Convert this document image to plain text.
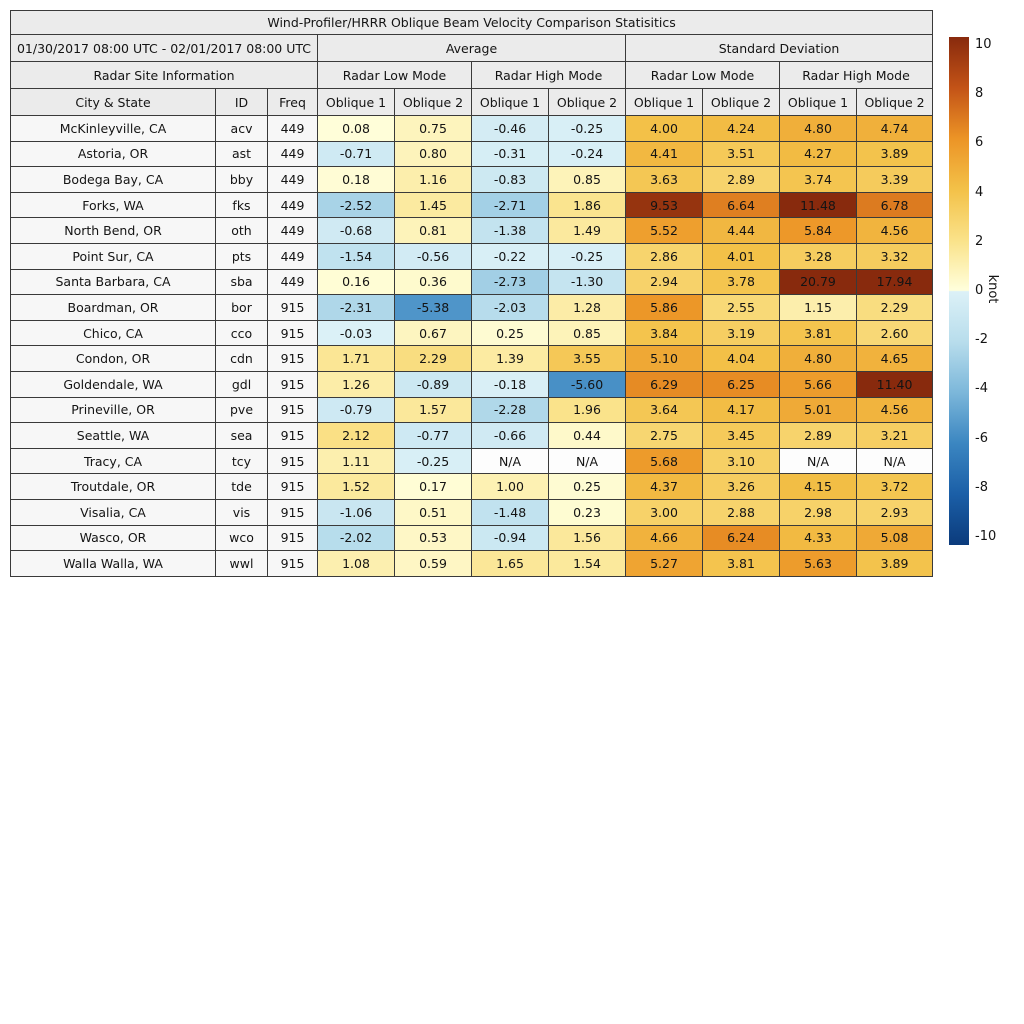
Wind-Profiler/HRRR Oblique Beam Velocity Comparison Statisitics										
01/30/2017 08:00 UTC - 02/01/2017 08:00 UTC			Average				Standard Deviation			
Radar Site Information			Radar Low Mode		Radar High Mode		Radar Low Mode		Radar High Mode	
City & State	ID	Freq	Oblique 1	Oblique 2	Oblique 1	Oblique 2	Oblique 1	Oblique 2	Oblique 1	Oblique 2
McKinleyville, CA	acv	449	0.08	0.75	-0.46	-0.25	4.00	4.24	4.80	4.74
Astoria, OR	ast	449	-0.71	0.80	-0.31	-0.24	4.41	3.51	4.27	3.89
Bodega Bay, CA	bby	449	0.18	1.16	-0.83	0.85	3.63	2.89	3.74	3.39
Forks, WA	fks	449	-2.52	1.45	-2.71	1.86	9.53	6.64	11.48	6.78
North Bend, OR	oth	449	-0.68	0.81	-1.38	1.49	5.52	4.44	5.84	4.56
Point Sur, CA	pts	449	-1.54	-0.56	-0.22	-0.25	2.86	4.01	3.28	3.32
Santa Barbara, CA	sba	449	0.16	0.36	-2.73	-1.30	2.94	3.78	20.79	17.94
Boardman, OR	bor	915	-2.31	-5.38	-2.03	1.28	5.86	2.55	1.15	2.29
Chico, CA	cco	915	-0.03	0.67	0.25	0.85	3.84	3.19	3.81	2.60
Condon, OR	cdn	915	1.71	2.29	1.39	3.55	5.10	4.04	4.80	4.65
Goldendale, WA	gdl	915	1.26	-0.89	-0.18	-5.60	6.29	6.25	5.66	11.40
Prineville, OR	pve	915	-0.79	1.57	-2.28	1.96	3.64	4.17	5.01	4.56
Seattle, WA	sea	915	2.12	-0.77	-0.66	0.44	2.75	3.45	2.89	3.21
Tracy, CA	tcy	915	1.11	-0.25	N/A	N/A	5.68	3.10	N/A	N/A
Troutdale, OR	tde	915	1.52	0.17	1.00	0.25	4.37	3.26	4.15	3.72
Visalia, CA	vis	915	-1.06	0.51	-1.48	0.23	3.00	2.88	2.98	2.93
Wasco, OR	wco	915	-2.02	0.53	-0.94	1.56	4.66	6.24	4.33	5.08
Walla Walla, WA	wwl	915	1.08	0.59	1.65	1.54	5.27	3.81	5.63	3.89
10
8
6
4
2
0
-2
-4
-6
-8
-10
knot
